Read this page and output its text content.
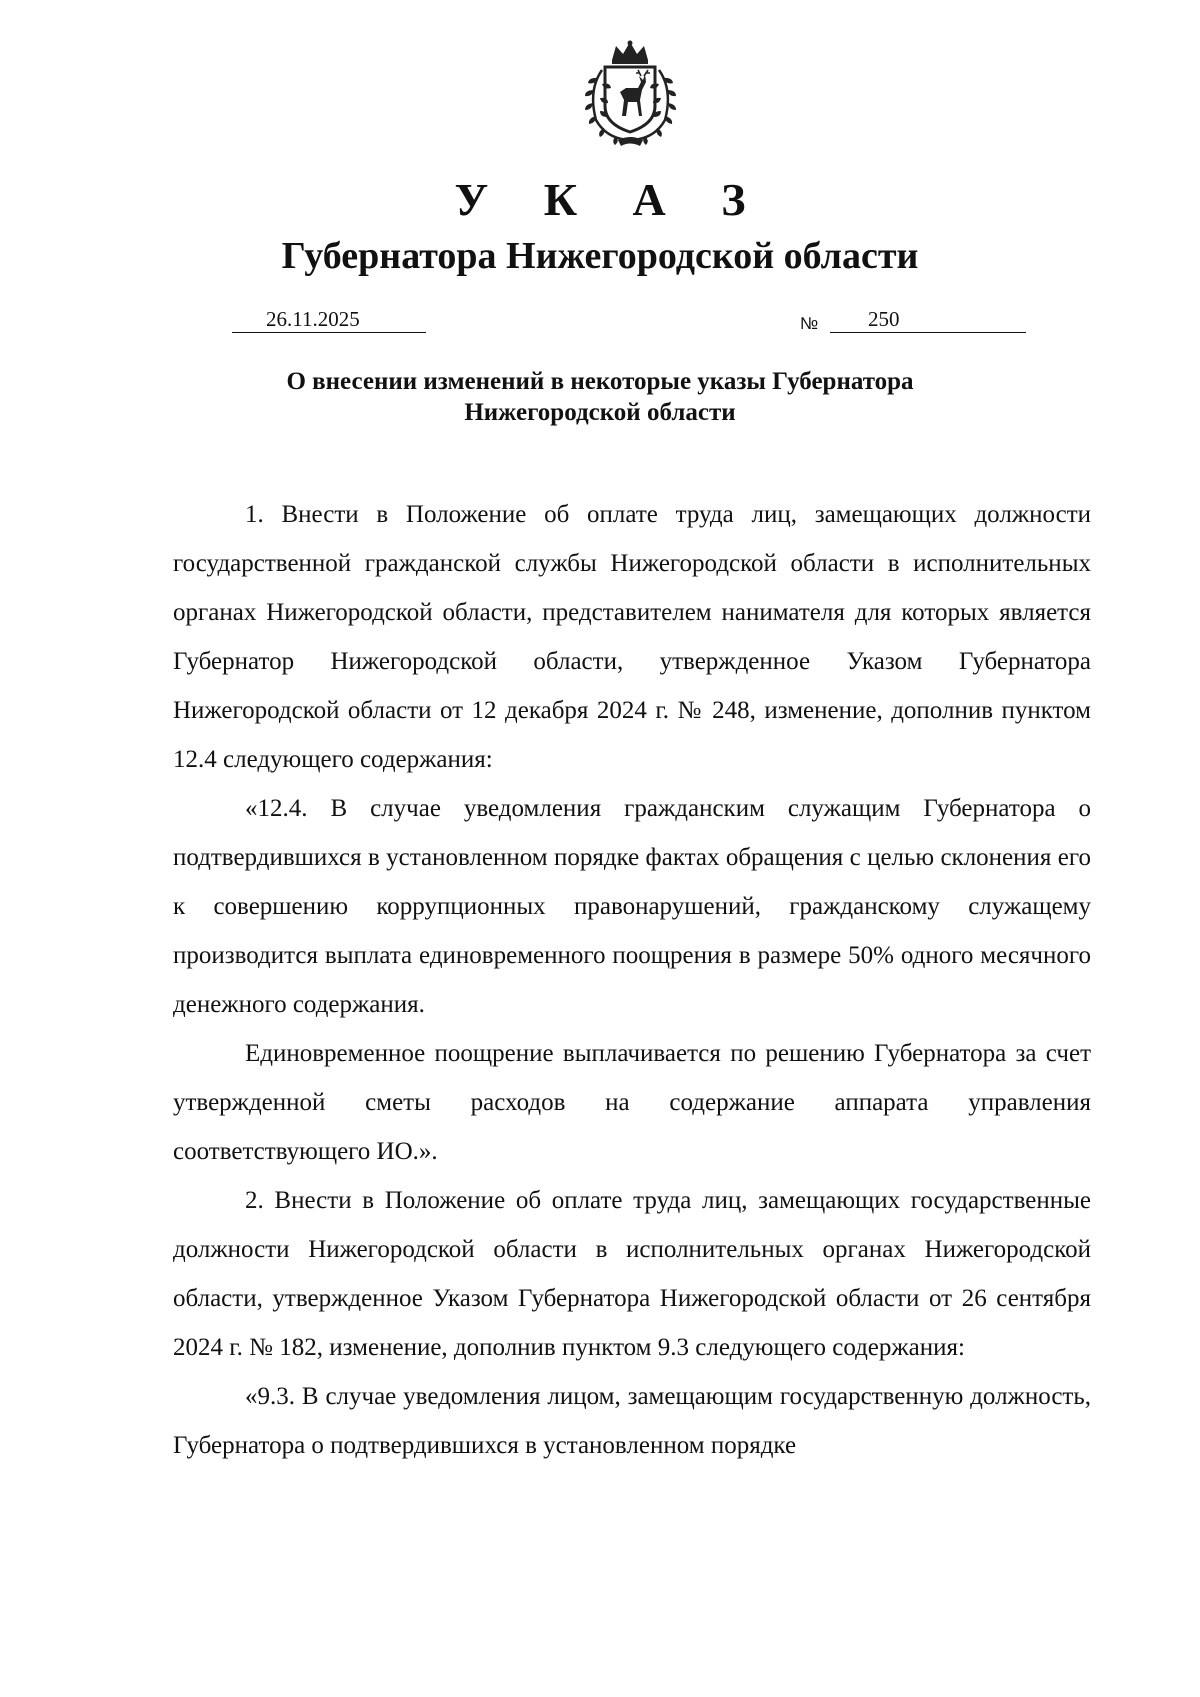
У К А З
Губернатора Нижегородской области
26.11.2025	№	250
О внесении изменений в некоторые указы Губернатора
Нижегородской области

1. Внести в Положение об оплате труда лиц, замещающих должности государственной гражданской службы Нижегородской области в исполнительных органах Нижегородской области, представителем нанимателя для которых является Губернатор Нижегородской области, утвержденное Указом Губернатора Нижегородской области от 12 декабря 2024 г. № 248, изменение, дополнив пунктом 12.4 следующего содержания:

«12.4. В случае уведомления гражданским служащим Губернатора о подтвердившихся в установленном порядке фактах обращения с целью склонения его к совершению коррупционных правонарушений, гражданскому служащему производится выплата единовременного поощрения в размере 50% одного месячного денежного содержания.

Единовременное поощрение выплачивается по решению Губернатора за счет утвержденной сметы расходов на содержание аппарата управления соответствующего ИО.».

2. Внести в Положение об оплате труда лиц, замещающих государственные должности Нижегородской области в исполнительных органах Нижегородской области, утвержденное Указом Губернатора Нижегородской области от 26 сентября 2024 г. № 182, изменение, дополнив пунктом 9.3 следующего содержания:

«9.3. В случае уведомления лицом, замещающим государственную должность, Губернатора о подтвердившихся в установленном порядке
